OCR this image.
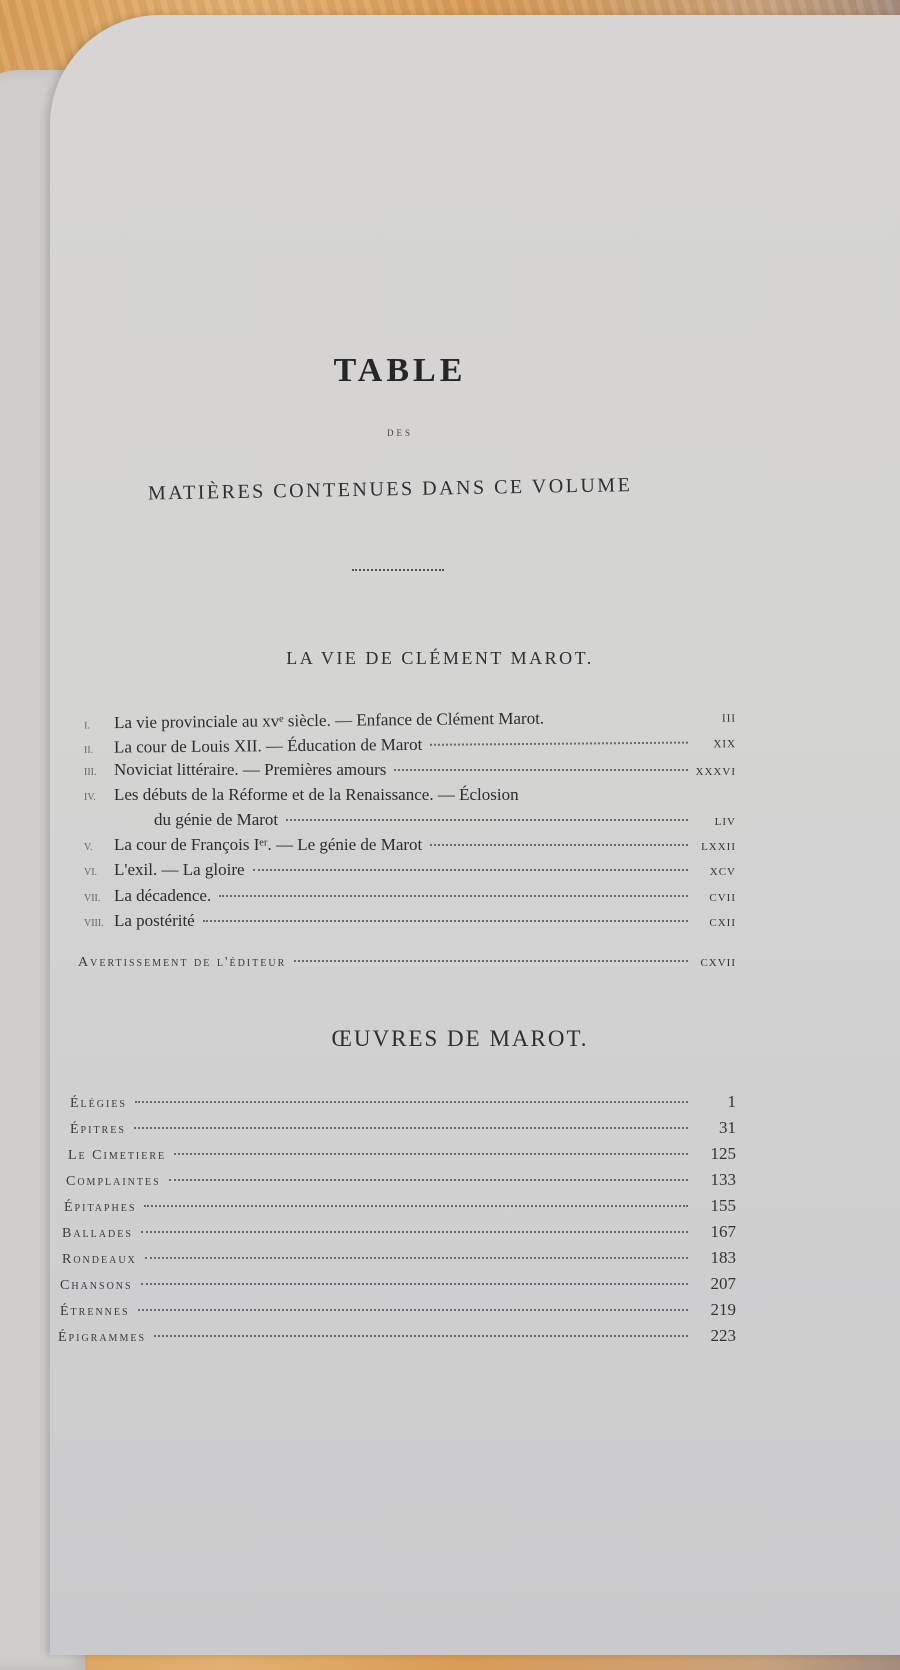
TABLE
DES
MATIÈRES CONTENUES DANS CE VOLUME
LA VIE DE CLÉMENT MAROT.
I.	La vie provinciale au xvᵉ siècle. — Enfance de Clément Marot.	III
II.	La cour de Louis XII. — Éducation de Marot	XIX
III.	Noviciat littéraire. — Premières amours	XXXVI
IV.	Les débuts de la Réforme et de la Renaissance. — Éclosion
du génie de Marot	LIV
V.	La cour de François Iᵉʳ. — Le génie de Marot	LXXII
VI. L'exil. — La gloire	XCV
VII. La décadence.	CVII
VIII. La postérité	CXII
Avertissement de l'éditeur	CXVII
ŒUVRES DE MAROT.
Élégies	1
Épitres	31
Le Cimetiere	125
Complaintes	133
Épitaphes	155
Ballades	167
Rondeaux	183
Chansons	207
Étrennes	219
Épigrammes	223
